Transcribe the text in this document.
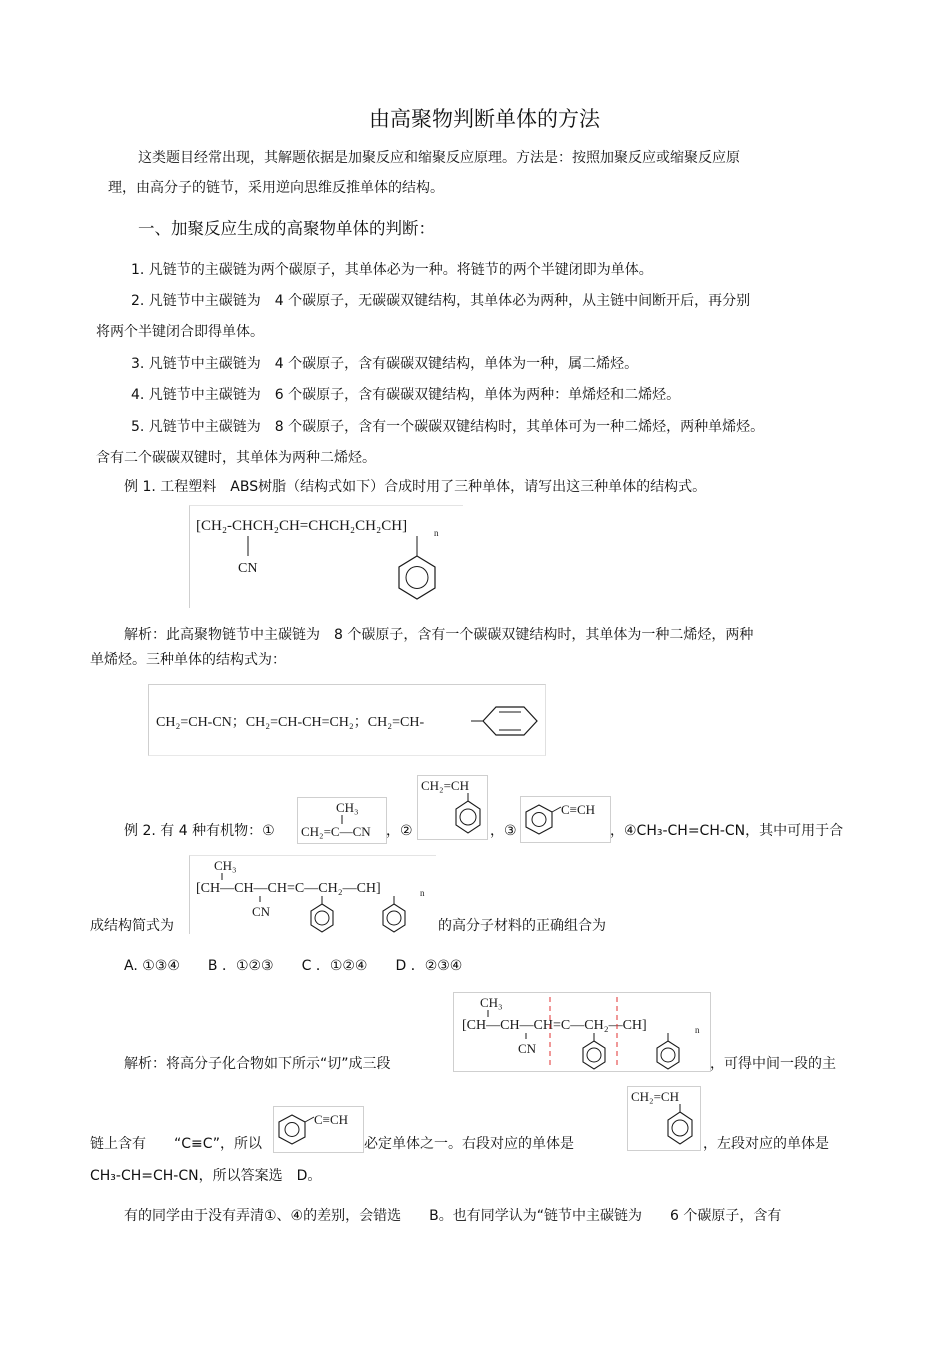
由高聚物判断单体的方法
这类题目经常出现，其解题依据是加聚反应和缩聚反应原理。方法是：按照加聚反应或缩聚反应原
理，由高分子的链节，采用逆向思维反推单体的结构。
一、加聚反应生成的高聚物单体的判断：
1. 凡链节的主碳链为两个碳原子，其单体必为一种。将链节的两个半键闭即为单体。
2. 凡链节中主碳链为　4 个碳原子，无碳碳双键结构，其单体必为两种，从主链中间断开后，再分别
将两个半键闭合即得单体。
3. 凡链节中主碳链为　4 个碳原子，含有碳碳双键结构，单体为一种，属二烯烃。
4. 凡链节中主碳链为　6 个碳原子，含有碳碳双键结构，单体为两种：单烯烃和二烯烃。
5. 凡链节中主碳链为　8 个碳原子，含有一个碳碳双键结构时，其单体可为一种二烯烃，两种单烯烃。
含有二个碳碳双键时，其单体为两种二烯烃。
例 1. 工程塑料　ABS树脂（结构式如下）合成时用了三种单体，请写出这三种单体的结构式。
[CH₂-CHCH₂CH=CHCH₂CH₂CH]	n
CN
解析：此高聚物链节中主碳链为　8 个碳原子，含有一个碳碳双键结构时，其单体为一种二烯烃，两种
单烯烃。三种单体的结构式为：
CH₂=CH-CN；CH₂=CH-CH=CH₂；CH₂=CH-
例 2. 有 4 种有机物：①
CH₃
CH₂=C—CN ，②
CH₂=CH
，③
C≡CH
，④CH₃-CH=CH-CN，其中可用于合
成结构简式为
CH₃
[CH—CH—CH=C—CH₂—CH]	n
CN
的高分子材料的正确组合为
A. ①③④　　B ．①②③　　C ．①②④　　D ．②③④
解析：将高分子化合物如下所示“切”成三段
CH₃
[CH—CH—CH=C—CH₂—CH]	n
CN
，可得中间一段的主
链上含有　　“C≡C”，所以
C≡CH
必定单体之一。右段对应的单体是
CH₂=CH
，左段对应的单体是
CH₃-CH=CH-CN，所以答案选　D。
有的同学由于没有弄清①、④的差别，会错选　　B。也有同学认为“链节中主碳链为　　6 个碳原子，含有
